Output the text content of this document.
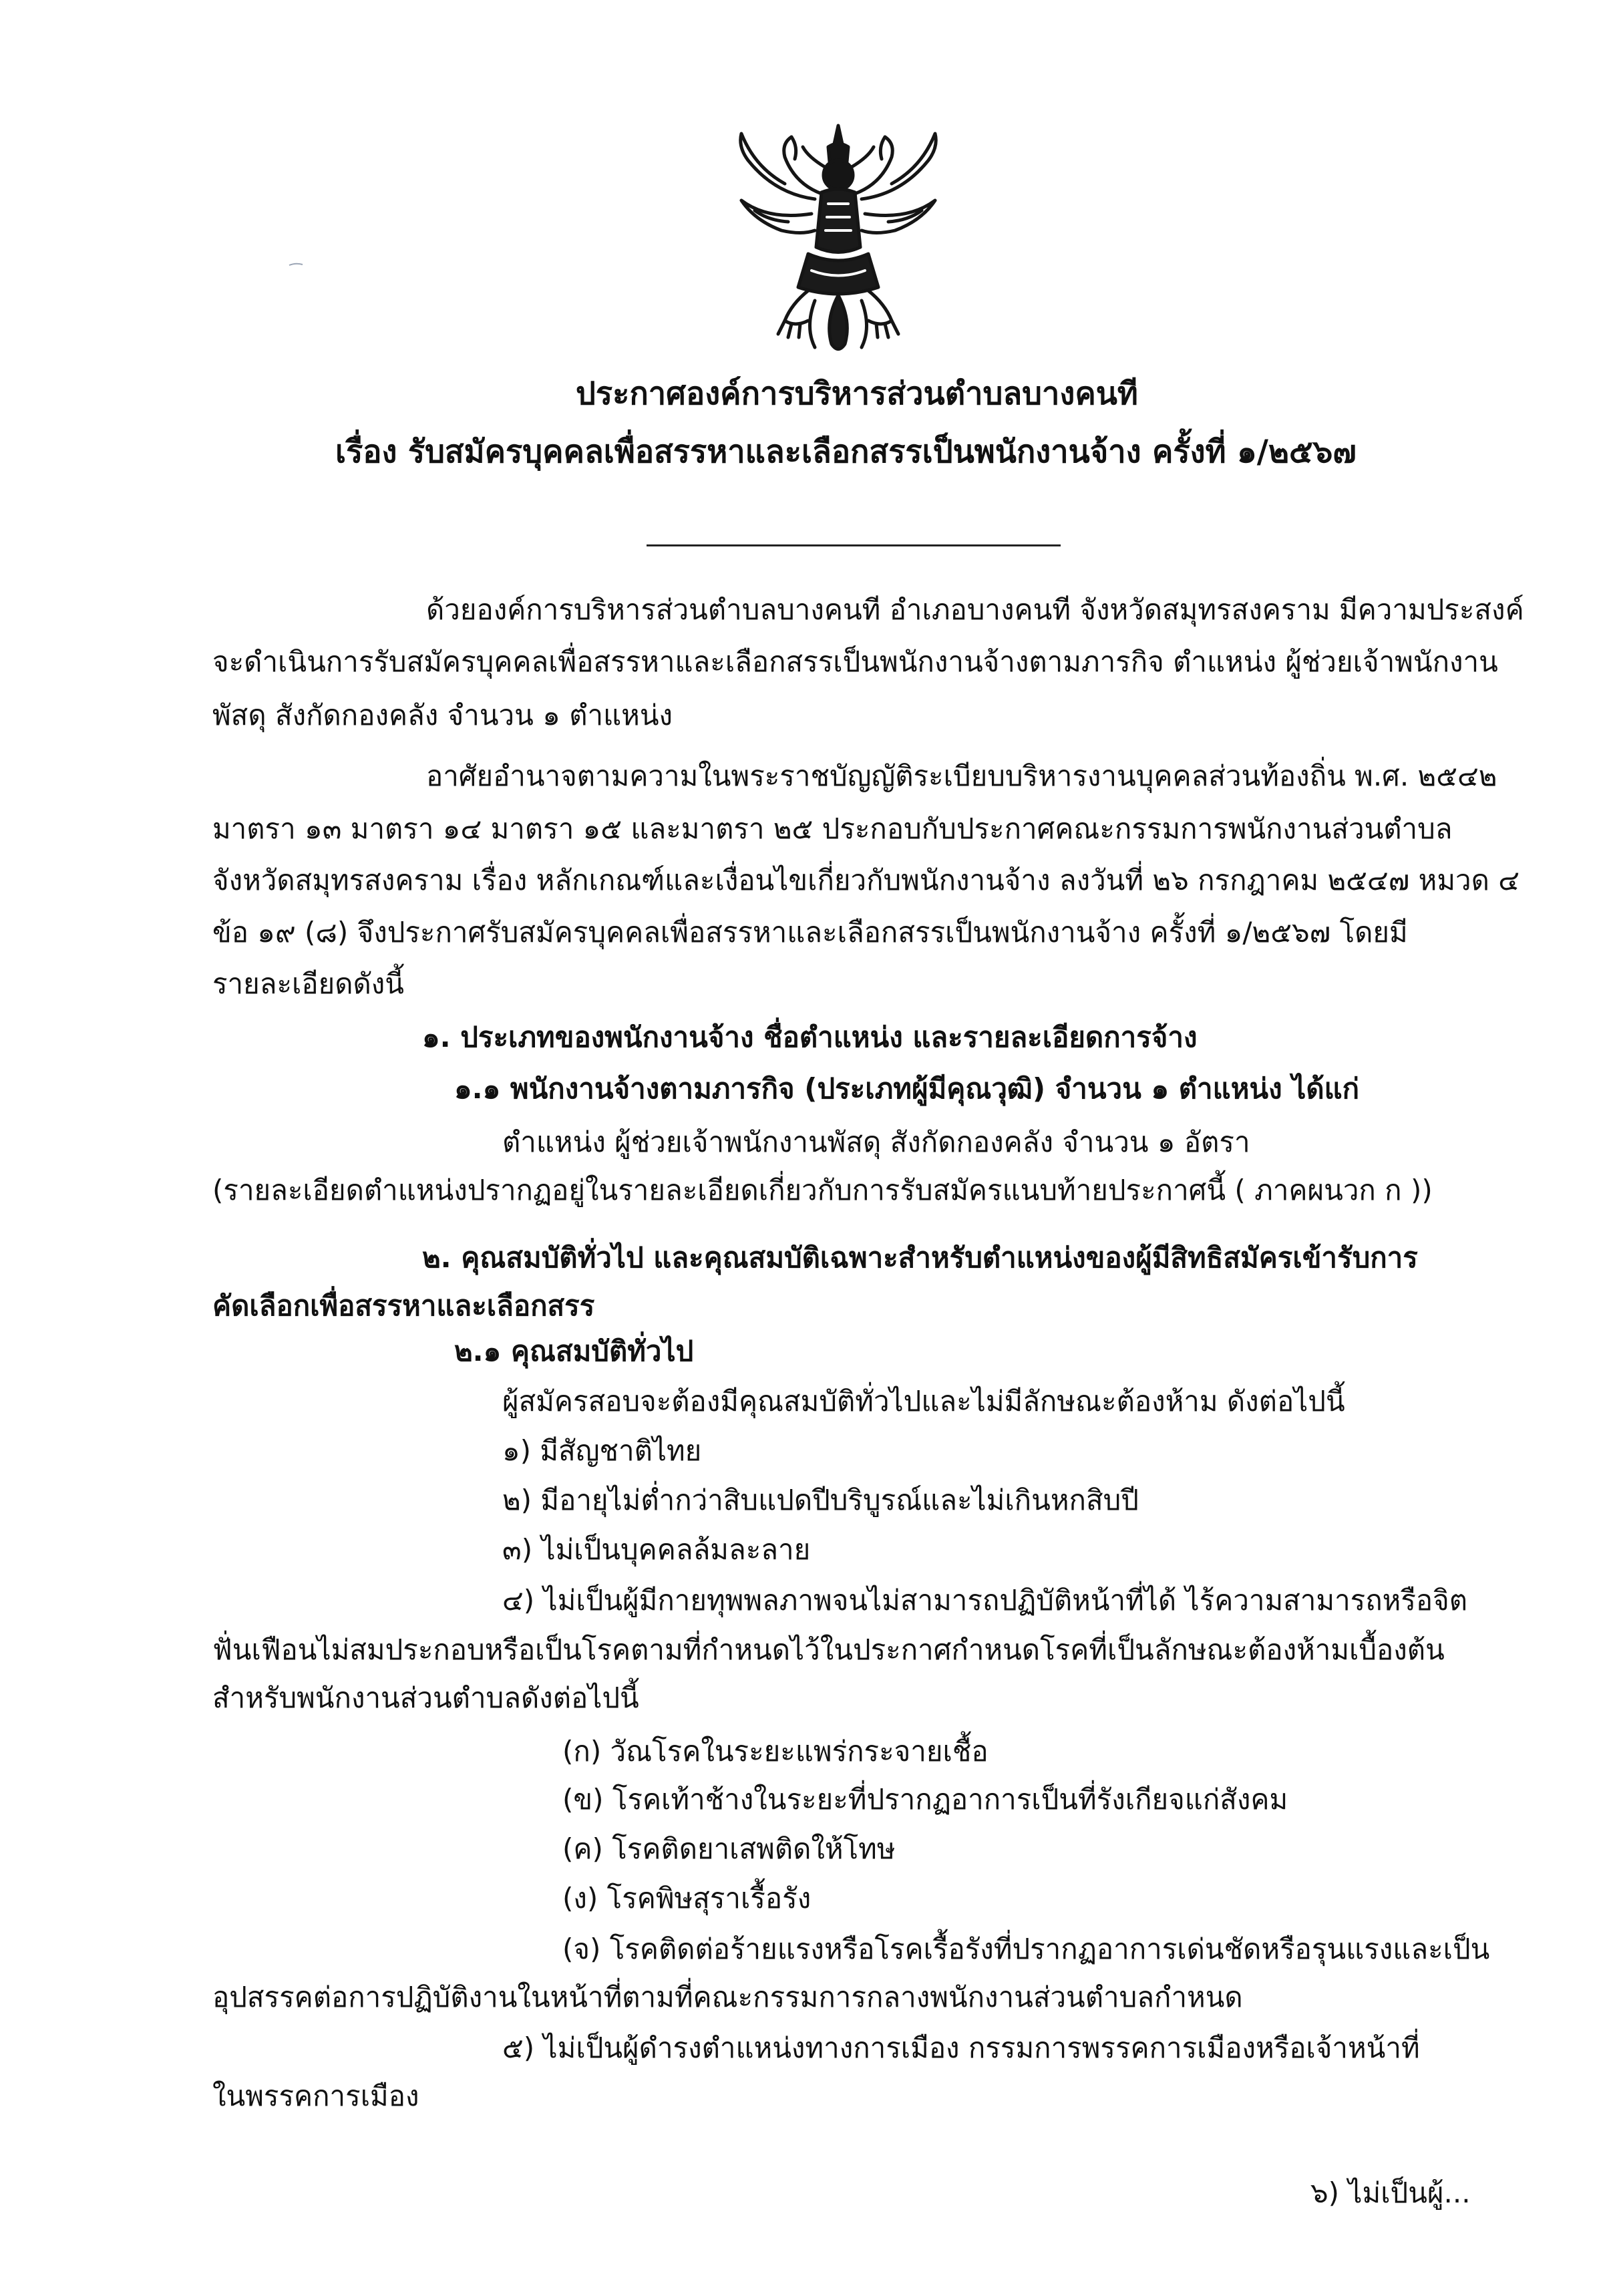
ประกาศองค์การบริหารส่วนตำบลบางคนที
เรื่อง รับสมัครบุคคลเพื่อสรรหาและเลือกสรรเป็นพนักงานจ้าง ครั้งที่ ๑/๒๕๖๗
ด้วยองค์การบริหารส่วนตำบลบางคนที อำเภอบางคนที จังหวัดสมุทรสงคราม มีความประสงค์
จะดำเนินการรับสมัครบุคคลเพื่อสรรหาและเลือกสรรเป็นพนักงานจ้างตามภารกิจ ตำแหน่ง ผู้ช่วยเจ้าพนักงาน
พัสดุ สังกัดกองคลัง จำนวน ๑ ตำแหน่ง
อาศัยอำนาจตามความในพระราชบัญญัติระเบียบบริหารงานบุคคลส่วนท้องถิ่น พ.ศ. ๒๕๔๒
มาตรา ๑๓ มาตรา ๑๔ มาตรา ๑๕ และมาตรา ๒๕ ประกอบกับประกาศคณะกรรมการพนักงานส่วนตำบล
จังหวัดสมุทรสงคราม เรื่อง หลักเกณฑ์และเงื่อนไขเกี่ยวกับพนักงานจ้าง ลงวันที่ ๒๖ กรกฎาคม ๒๕๔๗ หมวด ๔
ข้อ ๑๙ (๘) จึงประกาศรับสมัครบุคคลเพื่อสรรหาและเลือกสรรเป็นพนักงานจ้าง ครั้งที่ ๑/๒๕๖๗ โดยมี
รายละเอียดดังนี้
๑. ประเภทของพนักงานจ้าง ชื่อตำแหน่ง และรายละเอียดการจ้าง
๑.๑ พนักงานจ้างตามภารกิจ (ประเภทผู้มีคุณวุฒิ) จำนวน ๑ ตำแหน่ง ได้แก่
ตำแหน่ง ผู้ช่วยเจ้าพนักงานพัสดุ สังกัดกองคลัง จำนวน ๑ อัตรา
(รายละเอียดตำแหน่งปรากฏอยู่ในรายละเอียดเกี่ยวกับการรับสมัครแนบท้ายประกาศนี้ ( ภาคผนวก ก ))
๒. คุณสมบัติทั่วไป และคุณสมบัติเฉพาะสำหรับตำแหน่งของผู้มีสิทธิสมัครเข้ารับการ
คัดเลือกเพื่อสรรหาและเลือกสรร
๒.๑ คุณสมบัติทั่วไป
ผู้สมัครสอบจะต้องมีคุณสมบัติทั่วไปและไม่มีลักษณะต้องห้าม ดังต่อไปนี้
๑) มีสัญชาติไทย
๒) มีอายุไม่ต่ำกว่าสิบแปดปีบริบูรณ์และไม่เกินหกสิบปี
๓) ไม่เป็นบุคคลล้มละลาย
๔) ไม่เป็นผู้มีกายทุพพลภาพจนไม่สามารถปฏิบัติหน้าที่ได้ ไร้ความสามารถหรือจิต
ฟั่นเฟือนไม่สมประกอบหรือเป็นโรคตามที่กำหนดไว้ในประกาศกำหนดโรคที่เป็นลักษณะต้องห้ามเบื้องต้น
สำหรับพนักงานส่วนตำบลดังต่อไปนี้
(ก) วัณโรคในระยะแพร่กระจายเชื้อ
(ข) โรคเท้าช้างในระยะที่ปรากฏอาการเป็นที่รังเกียจแก่สังคม
(ค) โรคติดยาเสพติดให้โทษ
(ง) โรคพิษสุราเรื้อรัง
(จ) โรคติดต่อร้ายแรงหรือโรคเรื้อรังที่ปรากฏอาการเด่นชัดหรือรุนแรงและเป็น
อุปสรรคต่อการปฏิบัติงานในหน้าที่ตามที่คณะกรรมการกลางพนักงานส่วนตำบลกำหนด
๕) ไม่เป็นผู้ดำรงตำแหน่งทางการเมือง กรรมการพรรคการเมืองหรือเจ้าหน้าที่
ในพรรคการเมือง
๖) ไม่เป็นผู้...
